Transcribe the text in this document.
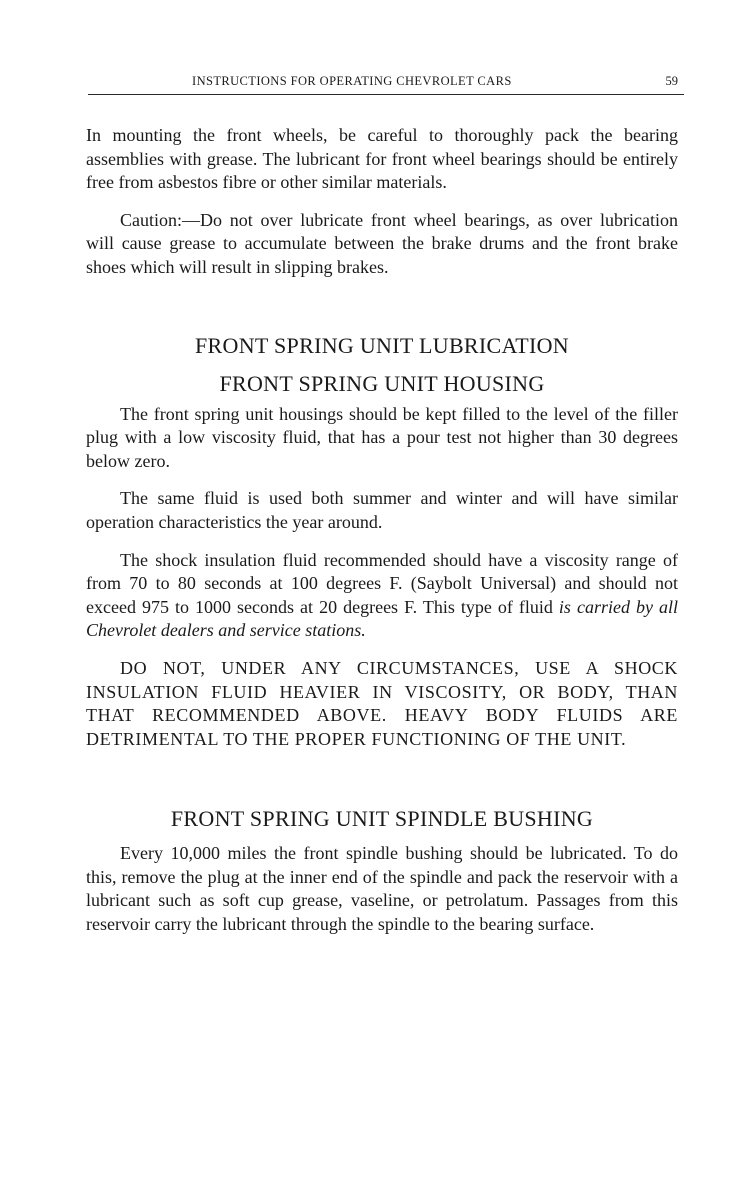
INSTRUCTIONS FOR OPERATING CHEVROLET CARS	59

In mounting the front wheels, be careful to thoroughly pack the bearing assemblies with grease. The lubricant for front wheel bearings should be entirely free from asbestos fibre or other similar materials.

Caution:—Do not over lubricate front wheel bearings, as over lubrication will cause grease to accumulate between the brake drums and the front brake shoes which will result in slipping brakes.

FRONT SPRING UNIT LUBRICATION
FRONT SPRING UNIT HOUSING

The front spring unit housings should be kept filled to the level of the filler plug with a low viscosity fluid, that has a pour test not higher than 30 degrees below zero.

The same fluid is used both summer and winter and will have similar operation characteristics the year around.

The shock insulation fluid recommended should have a viscosity range of from 70 to 80 seconds at 100 degrees F. (Saybolt Universal) and should not exceed 975 to 1000 seconds at 20 degrees F. This type of fluid is carried by all Chevrolet dealers and service stations.

DO NOT, UNDER ANY CIRCUMSTANCES, USE A SHOCK INSULATION FLUID HEAVIER IN VISCOSITY, OR BODY, THAN THAT RECOMMENDED ABOVE. HEAVY BODY FLUIDS ARE DETRIMENTAL TO THE PROPER FUNCTIONING OF THE UNIT.

FRONT SPRING UNIT SPINDLE BUSHING

Every 10,000 miles the front spindle bushing should be lubricated. To do this, remove the plug at the inner end of the spindle and pack the reservoir with a lubricant such as soft cup grease, vaseline, or petrolatum. Passages from this reservoir carry the lubricant through the spindle to the bearing surface.
